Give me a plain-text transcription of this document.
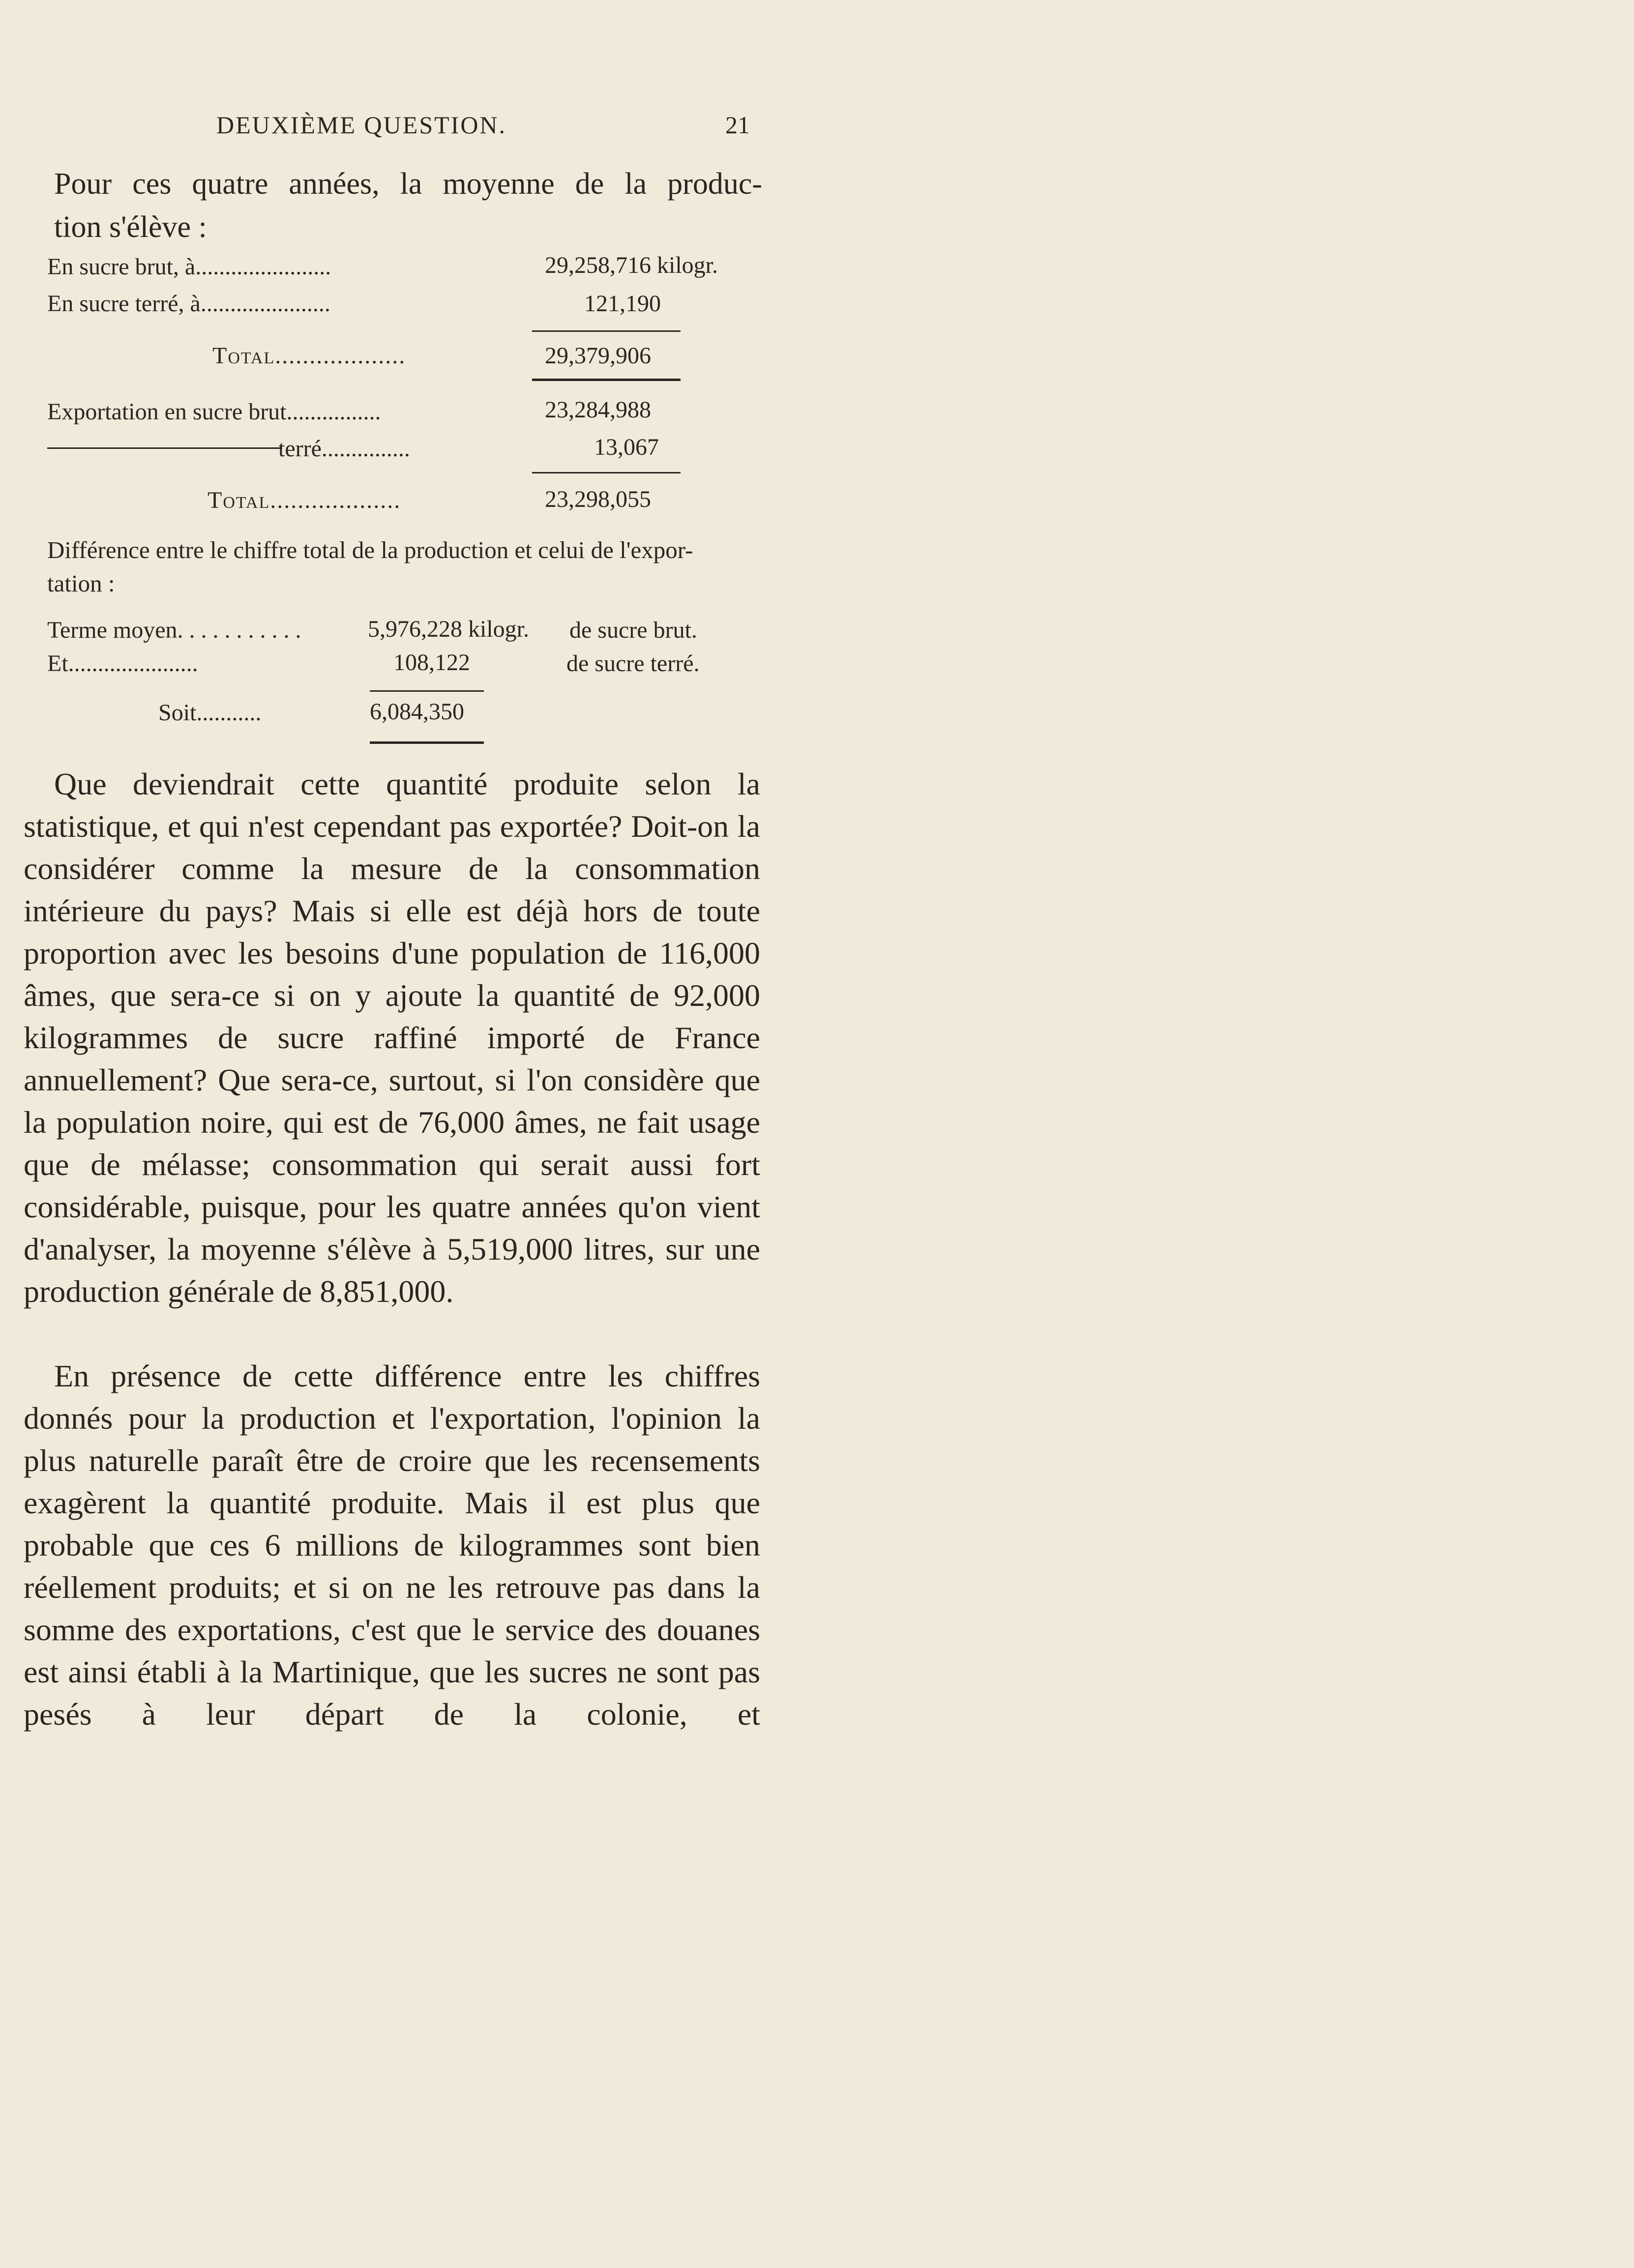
DEUXIÈME QUESTION.	21
Pour ces quatre années, la moyenne de la produc-
tion s'élève :
En sucre brut, à.......................	29,258,716 kilogr.
En sucre terré, à......................	121,190
Total...................	29,379,906
Exportation en sucre brut................	23,284,988
terré...............	13,067
Total...................	23,298,055
Différence entre le chiffre total de la production et celui de l'expor-
tation :
Terme moyen. . . . . . . . . . .	5,976,228 kilogr. de sucre brut.
Et......................	108,122	de sucre terré.
Soit...........	6,084,350

Que deviendrait cette quantité produite selon la statistique, et qui n'est cependant pas exportée? Doit-on la considérer comme la mesure de la consommation intérieure du pays? Mais si elle est déjà hors de toute proportion avec les besoins d'une population de 116,000 âmes, que sera-ce si on y ajoute la quantité de 92,000 kilogrammes de sucre raffiné importé de France annuellement? Que sera-ce, surtout, si l'on considère que la population noire, qui est de 76,000 âmes, ne fait usage que de mélasse; consommation qui serait aussi fort considérable, puisque, pour les quatre années qu'on vient d'analyser, la moyenne s'élève à 5,519,000 litres, sur une production générale de 8,851,000.

En présence de cette différence entre les chiffres donnés pour la production et l'exportation, l'opinion la plus naturelle paraît être de croire que les recensements exagèrent la quantité produite. Mais il est plus que probable que ces 6 millions de kilogrammes sont bien réellement produits; et si on ne les retrouve pas dans la somme des exportations, c'est que le service des douanes est ainsi établi à la Martinique, que les sucres ne sont pas pesés à leur départ de la colonie, et
